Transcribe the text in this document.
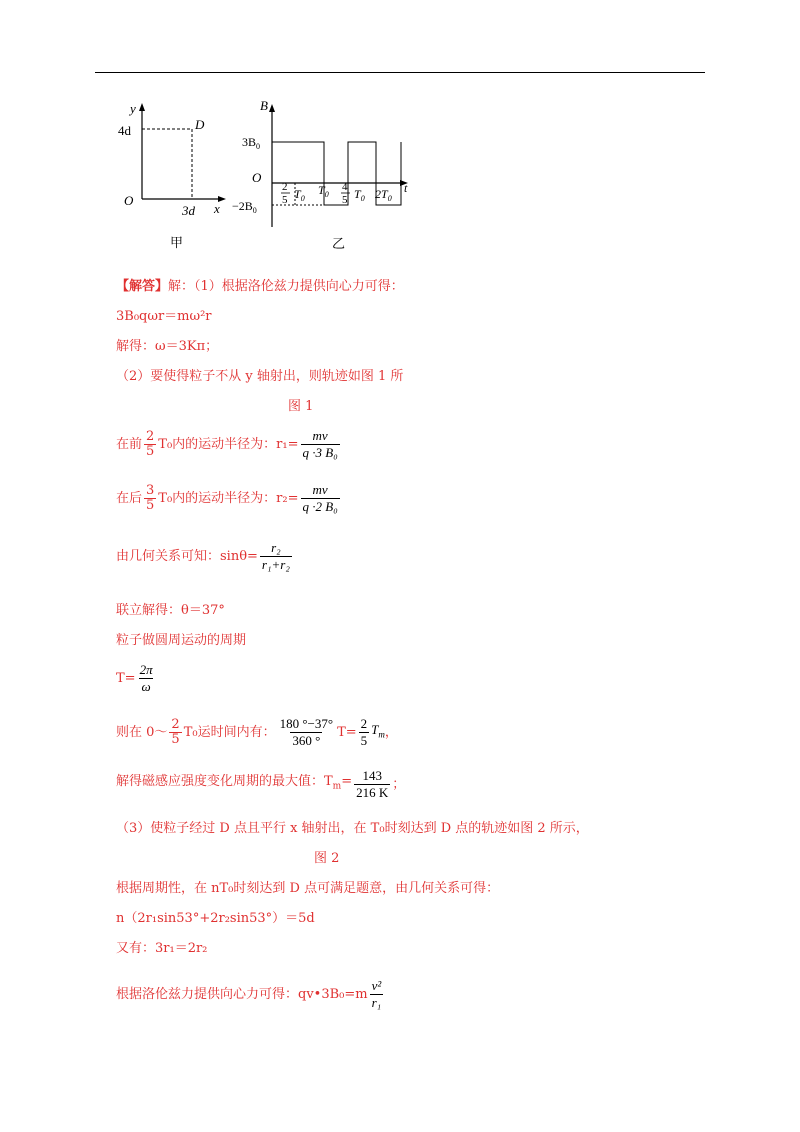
y
4d	D
O
3d x
甲
B
$3B_0$
O
$-2B_0$
2
5 $T_0$
$T_0$
4
5 $T_0$ $2T_0$
t
乙
【解答】解：（1）根据洛伦兹力提供向心力可得：
3B₀qωr＝mω²r
解得：ω＝3Kπ；
（2）要使得粒子不从 y 轴射出，则轨迹如图 1 所
图 1
在前 $\frac{2}{5} T_0$内的运动半径为：$r_1= \frac{mv}{\text{q ·3 B₀}}$
在后 $\frac{3}{5} T_0$内的运动半径为：$r_2= \frac{mv}{\text{q ·2 B₀}}$
由几何关系可知：$\sin\theta= \frac{\text{r₂}}{\text{r₁+r₂}}$
联立解得：θ＝37°
粒子做圆周运动的周期
$T= \frac{2\pi}{\omega}$
则在 0～ $\frac{2}{5} T_0$运时间内有： $\frac{180 ^\circ-37^\circ}{360 ^\circ} T= \frac{2}{5} T_m$ ，
解得磁感应强度变化周期的最大值：$T_m= \frac{143}{216 K}$ ；
（3）使粒子经过 D 点且平行 x 轴射出，在 T₀时刻达到 D 点的轨迹如图 2 所示，
图 2
根据周期性，在 nT₀时刻达到 D 点可满足题意，由几何关系可得：
n（2r₁sin53°+2r₂sin53°）＝5d
又有：3r₁＝2r₂
根据洛伦兹力提供向心力可得：qv•3B₀=m $\frac{\text{v²}}{\text{r₁}}$
